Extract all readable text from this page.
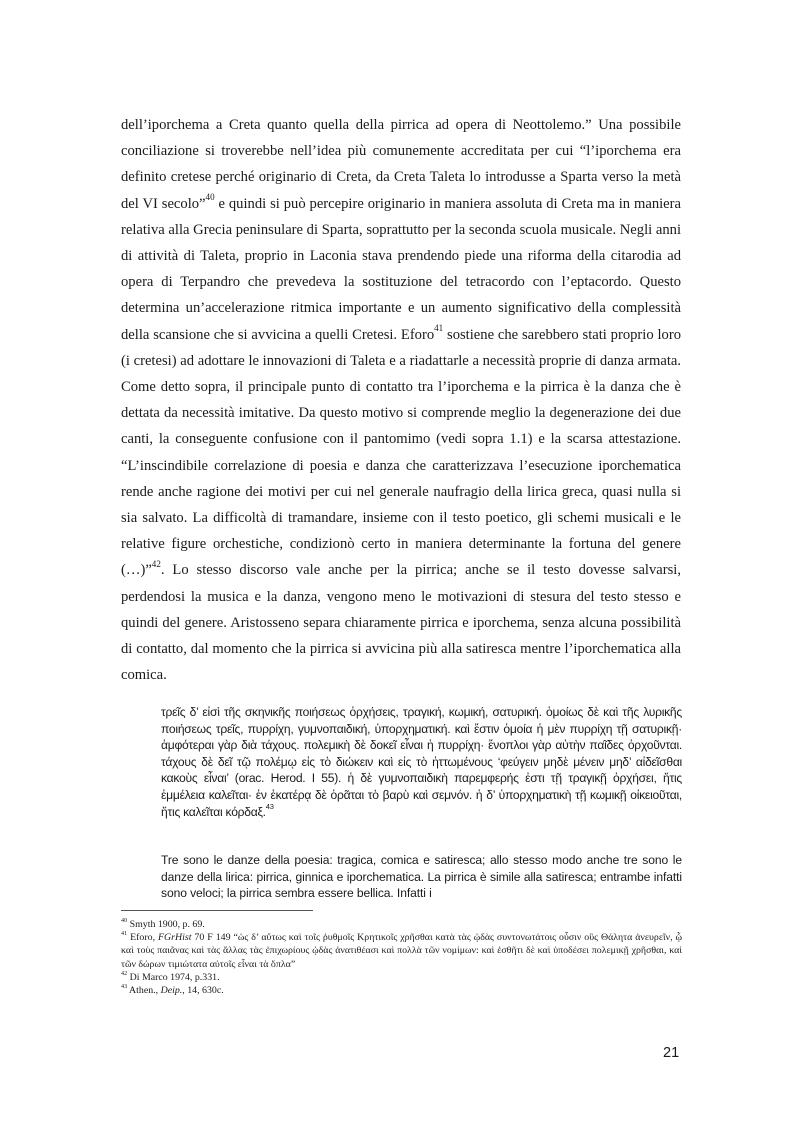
dell’iporchema a Creta quanto quella della pirrica ad opera di Neottolemo.” Una possibile conciliazione si troverebbe nell’idea più comunemente accreditata per cui “l’iporchema era definito cretese perché originario di Creta, da Creta Taleta lo introdusse a Sparta verso la metà del VI secolo”$^{40}$ e quindi si può percepire originario in maniera assoluta di Creta ma in maniera relativa alla Grecia peninsulare di Sparta, soprattutto per la seconda scuola musicale. Negli anni di attività di Taleta, proprio in Laconia stava prendendo piede una riforma della citarodia ad opera di Terpandro che prevedeva la sostituzione del tetracordo con l’eptacordo. Questo determina un’accelerazione ritmica importante e un aumento significativo della complessità della scansione che si avvicina a quelli Cretesi. Eforo$^{41}$ sostiene che sarebbero stati proprio loro (i cretesi) ad adottare le innovazioni di Taleta e a riadattarle a necessità proprie di danza armata. Come detto sopra, il principale punto di contatto tra l’iporchema e la pirrica è la danza che è dettata da necessità imitative. Da questo motivo si comprende meglio la degenerazione dei due canti, la conseguente confusione con il pantomimo (vedi sopra 1.1) e la scarsa attestazione. “L’inscindibile correlazione di poesia e danza che caratterizzava l’esecuzione iporchematica rende anche ragione dei motivi per cui nel generale naufragio della lirica greca, quasi nulla si sia salvato. La difficoltà di tramandare, insieme con il testo poetico, gli schemi musicali e le relative figure orchestiche, condizionò certo in maniera determinante la fortuna del genere (…)”$^{42}$. Lo stesso discorso vale anche per la pirrica; anche se il testo dovesse salvarsi, perdendosi la musica e la danza, vengono meno le motivazioni di stesura del testo stesso e quindi del genere. Aristosseno separa chiaramente pirrica e iporchema, senza alcuna possibilità di contatto, dal momento che la pirrica si avvicina più alla satiresca mentre l’iporchematica alla comica.

τρεῖς δ’ εἰσὶ τῆς σκηνικῆς ποιήσεως ὀρχήσεις, τραγική, κωμική, σατυρική. ὁμοίως δὲ καὶ τῆς λυρικῆς ποιήσεως τρεῖς, πυρρίχη, γυμνοπαιδική, ὑπορχηματική. καὶ ἔστιν ὁμοία ἡ μὲν πυρρίχη τῇ σατυρικῇ· ἀμφότεραι γὰρ διὰ τάχους. πολεμικὴ δὲ δοκεῖ εἶναι ἡ πυρρίχη· ἔνοπλοι γὰρ αὐτὴν παῖδες ὀρχοῦνται. τάχους δὲ δεῖ τῷ πολέμῳ εἰς τὸ διώκειν καὶ εἰς τὸ ἡττωμένους ‘φεύγειν μηδὲ μένειν μηδ’ αἰδεῖσθαι κακοὺς εἶναι’ (orac. Herod. I 55). ἡ δὲ γυμνοπαιδικὴ παρεμφερής ἐστι τῇ τραγικῇ ὀρχήσει, ἥτις ἐμμέλεια καλεῖται· ἐν ἑκατέρᾳ δὲ ὁρᾶται τὸ βαρὺ καὶ σεμνόν. ἡ δ’ ὑπορχηματικὴ τῇ κωμικῇ οἰκειοῦται, ἥτις καλεῖται κόρδαξ.$^{43}$

Tre sono le danze della poesia: tragica, comica e satiresca; allo stesso modo anche tre sono le danze della lirica: pirrica, ginnica e iporchematica. La pirrica è simile alla satiresca; entrambe infatti sono veloci; la pirrica sembra essere bellica. Infatti i

$^{40}$ Smyth 1900, p. 69.

$^{41}$ Eforo, FGrHist 70 F 149 “ὡς δ’ αὔτως καὶ τοῖς ῥυθμοῖς Κρητικοῖς χρῆσθαι κατὰ τὰς ᾠδὰς συντονωτάτοις οὖσιν οὓς Θάλητα ἀνευρεῖν, ᾧ καὶ τοὺς παιᾶνας καὶ τὰς ἄλλας τὰς ἐπιχωρίους ᾠδὰς ἀνατιθέασι καὶ πολλὰ τῶν νομίμων: καὶ ἐσθῆτι δὲ καὶ ὑποδέσει πολεμικῇ χρῆσθαι, καὶ τῶν δώρων τιμιώτατα αὐτοῖς εἶναι τὰ ὅπλα”

$^{42}$ Di Marco 1974, p.331.

$^{43}$ Athen., Deip., 14, 630c.

21
